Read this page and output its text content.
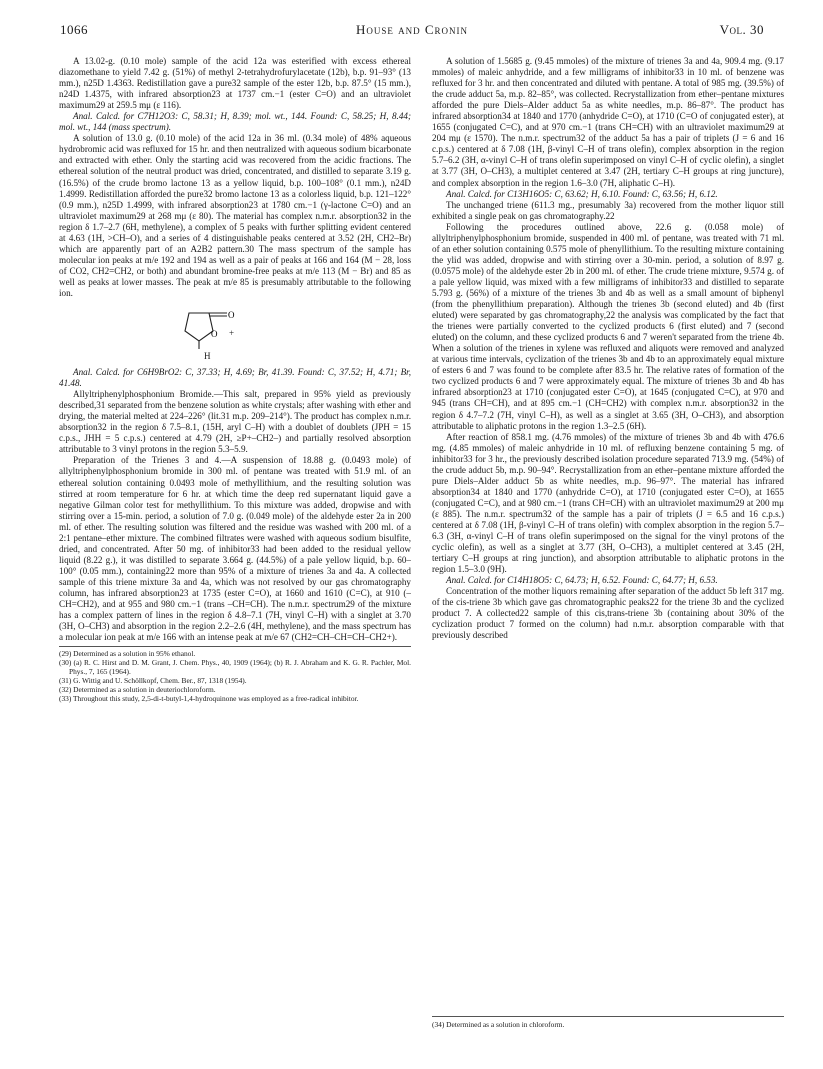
1066	House and Cronin	Vol. 30

A 13.02-g. (0.10 mole) sample of the acid 12a was esterified with excess ethereal diazomethane to yield 7.42 g. (51%) of methyl 2-tetrahydrofurylacetate (12b), b.p. 91–93° (13 mm.), n25D 1.4363. Redistillation gave a pure32 sample of the ester 12b, b.p. 87.5° (15 mm.), n24D 1.4375, with infrared absorption23 at 1737 cm.−1 (ester C=O) and an ultraviolet maximum29 at 259.5 mμ (ε 116).

Anal. Calcd. for C7H12O3: C, 58.31; H, 8.39; mol. wt., 144. Found: C, 58.25; H, 8.44; mol. wt., 144 (mass spectrum).

A solution of 13.0 g. (0.10 mole) of the acid 12a in 36 ml. (0.34 mole) of 48% aqueous hydrobromic acid was refluxed for 15 hr. and then neutralized with aqueous sodium bicarbonate and extracted with ether. Only the starting acid was recovered from the acidic fractions. The ethereal solution of the neutral product was dried, concentrated, and distilled to separate 3.19 g. (16.5%) of the crude bromo lactone 13 as a yellow liquid, b.p. 100–108° (0.1 mm.), n24D 1.4999. Redistillation afforded the pure32 bromo lactone 13 as a colorless liquid, b.p. 121–122° (0.9 mm.), n25D 1.4999, with infrared absorption23 at 1780 cm.−1 (γ-lactone C=O) and an ultraviolet maximum29 at 268 mμ (ε 80). The material has complex n.m.r. absorption32 in the region δ 1.7–2.7 (6H, methylene), a complex of 5 peaks with further splitting evident centered at 4.63 (1H, >CH–O), and a series of 4 distinguishable peaks centered at 3.52 (2H, CH2–Br) which are apparently part of an A2B2 pattern.30 The mass spectrum of the sample has molecular ion peaks at m/e 192 and 194 as well as a pair of peaks at 166 and 164 (M − 28, loss of CO2, CH2=CH2, or both) and abundant bromine-free peaks at m/e 113 (M − Br) and 85 as well as peaks at lower masses. The peak at m/e 85 is presumably attributable to the following ion.

O
O +
H

Anal. Calcd. for C6H9BrO2: C, 37.33; H, 4.69; Br, 41.39. Found: C, 37.52; H, 4.71; Br, 41.48.

Allyltriphenylphosphonium Bromide.—This salt, prepared in 95% yield as previously described,31 separated from the benzene solution as white crystals; after washing with ether and drying, the material melted at 224–226° (lit.31 m.p. 209–214°). The product has complex n.m.r. absorption32 in the region δ 7.5–8.1, (15H, aryl C–H) with a doublet of doublets (JPH = 15 c.p.s., JHH = 5 c.p.s.) centered at 4.79 (2H, ≥P+–CH2–) and partially resolved absorption attributable to 3 vinyl protons in the region 5.3–5.9.

Preparation of the Trienes 3 and 4.—A suspension of 18.88 g. (0.0493 mole) of allyltriphenylphosphonium bromide in 300 ml. of pentane was treated with 51.9 ml. of an ethereal solution containing 0.0493 mole of methyllithium, and the resulting solution was stirred at room temperature for 6 hr. at which time the deep red supernatant liquid gave a negative Gilman color test for methyllithium. To this mixture was added, dropwise and with stirring over a 15-min. period, a solution of 7.0 g. (0.049 mole) of the aldehyde ester 2a in 200 ml. of ether. The resulting solution was filtered and the residue was washed with 200 ml. of a 2:1 pentane–ether mixture. The combined filtrates were washed with aqueous sodium bisulfite, dried, and concentrated. After 50 mg. of inhibitor33 had been added to the residual yellow liquid (8.22 g.), it was distilled to separate 3.664 g. (44.5%) of a pale yellow liquid, b.p. 60–100° (0.05 mm.), containing22 more than 95% of a mixture of trienes 3a and 4a. A collected sample of this triene mixture 3a and 4a, which was not resolved by our gas chromatography column, has infrared absorption23 at 1735 (ester C=O), at 1660 and 1610 (C=C), at 910 (–CH=CH2), and at 955 and 980 cm.−1 (trans –CH=CH). The n.m.r. spectrum29 of the mixture has a complex pattern of lines in the region δ 4.8–7.1 (7H, vinyl C–H) with a singlet at 3.70 (3H, O–CH3) and absorption in the region 2.2–2.6 (4H, methylene), and the mass spectrum has a molecular ion peak at m/e 166 with an intense peak at m/e 67 (CH2=CH–CH=CH–CH2+).

(29) Determined as a solution in 95% ethanol.
(30) (a) R. C. Hirst and D. M. Grant, J. Chem. Phys., 40, 1909 (1964); (b) R. J. Abraham and K. G. R. Pachler, Mol. Phys., 7, 165 (1964).
(31) G. Wittig and U. Schöllkopf, Chem. Ber., 87, 1318 (1954).
(32) Determined as a solution in deuteriochloroform.
(33) Throughout this study, 2,5-di-t-butyl-1,4-hydroquinone was employed as a free-radical inhibitor.

A solution of 1.5685 g. (9.45 mmoles) of the mixture of trienes 3a and 4a, 909.4 mg. (9.17 mmoles) of maleic anhydride, and a few milligrams of inhibitor33 in 10 ml. of benzene was refluxed for 3 hr. and then concentrated and diluted with pentane. A total of 985 mg. (39.5%) of the crude adduct 5a, m.p. 82–85°, was collected. Recrystallization from ether–pentane mixtures afforded the pure Diels–Alder adduct 5a as white needles, m.p. 86–87°. The product has infrared absorption34 at 1840 and 1770 (anhydride C=O), at 1710 (C=O of conjugated ester), at 1655 (conjugated C=C), and at 970 cm.−1 (trans CH=CH) with an ultraviolet maximum29 at 204 mμ (ε 1570). The n.m.r. spectrum32 of the adduct 5a has a pair of triplets (J = 6 and 16 c.p.s.) centered at δ 7.08 (1H, β-vinyl C–H of trans olefin), complex absorption in the region 5.7–6.2 (3H, α-vinyl C–H of trans olefin superimposed on vinyl C–H of cyclic olefin), a singlet at 3.77 (3H, O–CH3), a multiplet centered at 3.47 (2H, tertiary C–H groups at ring juncture), and complex absorption in the region 1.6–3.0 (7H, aliphatic C–H).

Anal. Calcd. for C13H16O5: C, 63.62; H, 6.10. Found: C, 63.56; H, 6.12.

The unchanged triene (611.3 mg., presumably 3a) recovered from the mother liquor still exhibited a single peak on gas chromatography.22

Following the procedures outlined above, 22.6 g. (0.058 mole) of allyltriphenylphosphonium bromide, suspended in 400 ml. of pentane, was treated with 71 ml. of an ether solution containing 0.575 mole of phenyllithium. To the resulting mixture containing the ylid was added, dropwise and with stirring over a 30-min. period, a solution of 8.97 g. (0.0575 mole) of the aldehyde ester 2b in 200 ml. of ether. The crude triene mixture, 9.574 g. of a pale yellow liquid, was mixed with a few milligrams of inhibitor33 and distilled to separate 5.793 g. (56%) of a mixture of the trienes 3b and 4b as well as a small amount of biphenyl (from the phenyllithium preparation). Although the trienes 3b (second eluted) and 4b (first eluted) were separated by gas chromatography,22 the analysis was complicated by the fact that the trienes were partially converted to the cyclized products 6 (first eluted) and 7 (second eluted) on the column, and these cyclized products 6 and 7 weren't separated from the triene 4b. When a solution of the trienes in xylene was refluxed and aliquots were removed and analyzed at various time intervals, cyclization of the trienes 3b and 4b to an approximately equal mixture of esters 6 and 7 was found to be complete after 83.5 hr. The relative rates of formation of the two cyclized products 6 and 7 were approximately equal. The mixture of trienes 3b and 4b has infrared absorption23 at 1710 (conjugated ester C=O), at 1645 (conjugated C=C), at 970 and 945 (trans CH=CH), and at 895 cm.−1 (CH=CH2) with complex n.m.r. absorption32 in the region δ 4.7–7.2 (7H, vinyl C–H), as well as a singlet at 3.65 (3H, O–CH3), and absorption attributable to aliphatic protons in the region 1.3–2.5 (6H).

After reaction of 858.1 mg. (4.76 mmoles) of the mixture of trienes 3b and 4b with 476.6 mg. (4.85 mmoles) of maleic anhydride in 10 ml. of refluxing benzene containing 5 mg. of inhibitor33 for 3 hr., the previously described isolation procedure separated 713.9 mg. (54%) of the crude adduct 5b, m.p. 90–94°. Recrystallization from an ether–pentane mixture afforded the pure Diels–Alder adduct 5b as white needles, m.p. 96–97°. The material has infrared absorption34 at 1840 and 1770 (anhydride C=O), at 1710 (conjugated ester C=O), at 1655 (conjugated C=C), and at 980 cm.−1 (trans CH=CH) with an ultraviolet maximum29 at 200 mμ (ε 885). The n.m.r. spectrum32 of the sample has a pair of triplets (J = 6.5 and 16 c.p.s.) centered at δ 7.08 (1H, β-vinyl C–H of trans olefin) with complex absorption in the region 5.7–6.3 (3H, α-vinyl C–H of trans olefin superimposed on the signal for the vinyl protons of the cyclic olefin), as well as a singlet at 3.77 (3H, O–CH3), a multiplet centered at 3.45 (2H, tertiary C–H groups at ring junction), and absorption attributable to aliphatic protons in the region 1.5–3.0 (9H).

Anal. Calcd. for C14H18O5: C, 64.73; H, 6.52. Found: C, 64.77; H, 6.53.

Concentration of the mother liquors remaining after separation of the adduct 5b left 317 mg. of the cis-triene 3b which gave gas chromatographic peaks22 for the triene 3b and the cyclized product 7. A collected22 sample of this cis,trans-triene 3b (containing about 30% of the cyclization product 7 formed on the column) had n.m.r. absorption comparable with that previously described

(34) Determined as a solution in chloroform.
